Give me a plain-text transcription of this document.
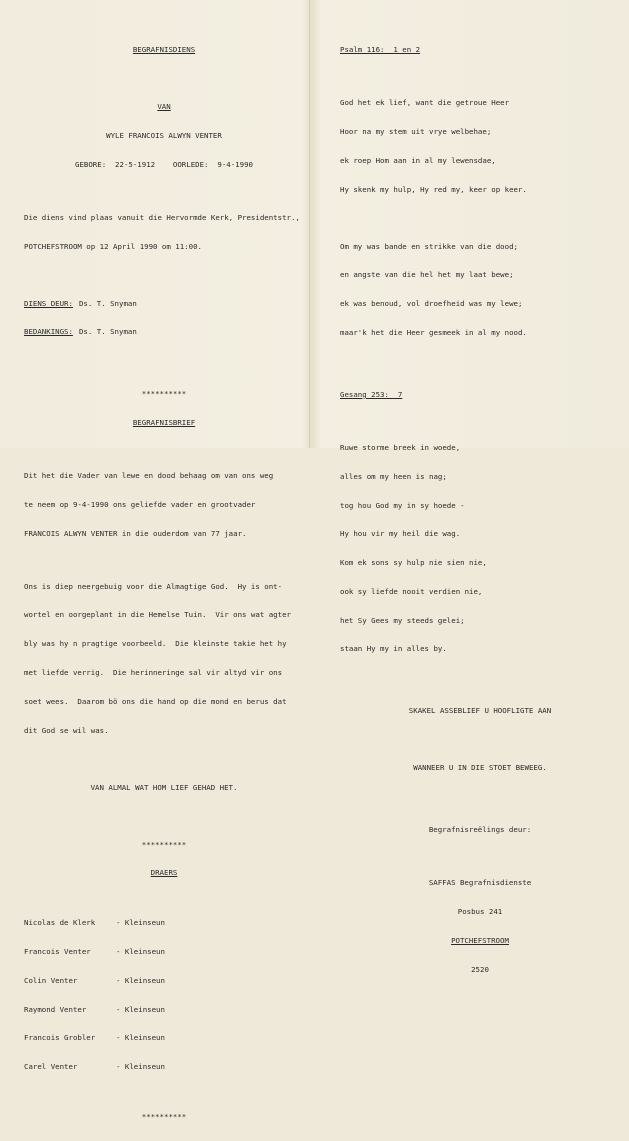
BEGRAFNISDIENS

VAN

WYLE FRANCOIS ALWYN VENTER

GEBORE:  22-5-1912    OORLEDE:  9-4-1990

Die diens vind plaas vanuit die Hervormde Kerk, Presidentstr.,

POTCHEFSTROOM op 12 April 1990 om 11:00.

DIENS DEUR: Ds. T. Snyman

BEDANKINGS: Ds. T. Snyman

**********

BEGRAFNISBRIEF

Dit het die Vader van lewe en dood behaag om van ons weg

te neem op 9-4-1990 ons geliefde vader en grootvader

FRANCOIS ALWYN VENTER in die ouderdom van 77 jaar.

Ons is diep neergebuig voor die Almagtige God.  Hy is ont-

wortel en oorgeplant in die Hemelse Tuin.  Vir ons wat agter

bly was hy n pragtige voorbeeld.  Die kleinste takie het hy

met liefde verrig.  Die herinneringe sal vir altyd vir ons

soet wees.  Daarom bö ons die hand op die mond en berus dat

dit God se wil was.

VAN ALMAL WAT HOM LIEF GEHAD HET.

**********

DRAERS

Nicolas de Klerk	- Kleinseun

Francois Venter	- Kleinseun

Colin Venter	- Kleinseun

Raymond Venter	- Kleinseun

Francois Grobler	- Kleinseun

Carel Venter	- Kleinseun

**********

Psalm 116:  1 en 2

God het ek lief, want die getroue Heer

Hoor na my stem uit vrye welbehae;

ek roep Hom aan in al my lewensdae,

Hy skenk my hulp, Hy red my, keer op keer.

Om my was bande en strikke van die dood;

en angste van die hel het my laat bewe;

ek was benoud, vol droefheid was my lewe;

maar'k het die Heer gesmeek in al my nood.

Gesang 253:  7

Ruwe storme breek in woede,

alles om my heen is nag;

tog hou God my in sy hoede -

Hy hou vir my heil die wag.

Kom ek sons sy hulp nie sien nie,

ook sy liefde nooit verdien nie,

het Sy Gees my steeds gelei;

staan Hy my in alles by.

SKAKEL ASSEBLIEF U HOOFLIGTE AAN

WANNEER U IN DIE STOET BEWEEG.

Begrafnisreëlings deur:

SAFFAS Begrafnisdienste

Posbus 241

POTCHEFSTROOM

2520
